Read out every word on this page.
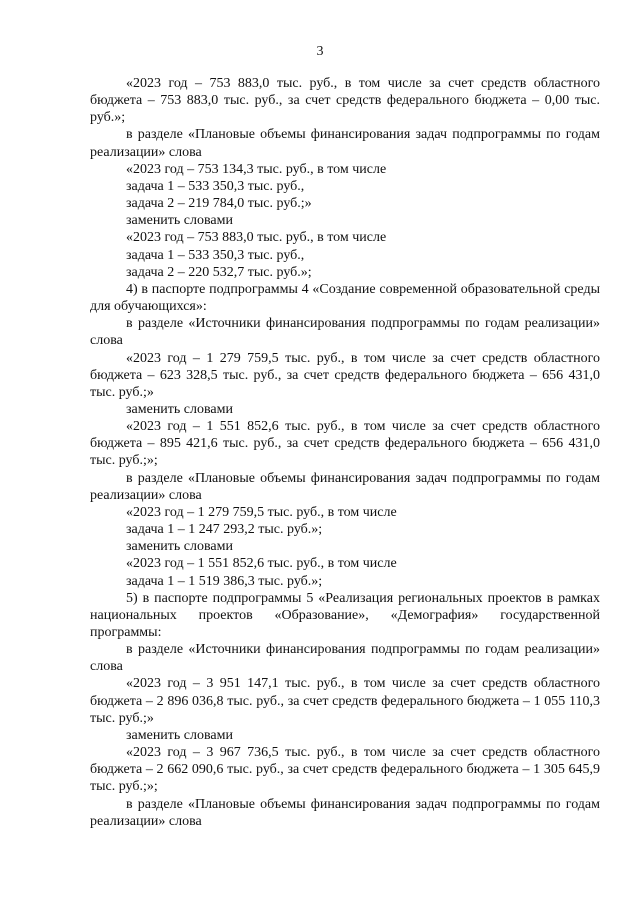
3

«2023 год – 753 883,0 тыс. руб., в том числе за счет средств областного бюджета – 753 883,0 тыс. руб., за счет средств федерального бюджета – 0,00 тыс. руб.»;

в разделе «Плановые объемы финансирования задач подпрограммы по годам реализации» слова

«2023 год – 753 134,3 тыс. руб., в том числе

задача 1 – 533 350,3 тыс. руб.,

задача 2 – 219 784,0 тыс. руб.;»

заменить словами

«2023 год – 753 883,0 тыс. руб., в том числе

задача 1 – 533 350,3 тыс. руб.,

задача 2 – 220 532,7 тыс. руб.»;

4) в паспорте подпрограммы 4 «Создание современной образовательной среды для обучающихся»:

в разделе «Источники финансирования подпрограммы по годам реализации» слова

«2023 год – 1 279 759,5 тыс. руб., в том числе за счет средств областного бюджета – 623 328,5 тыс. руб., за счет средств федерального бюджета – 656 431,0 тыс. руб.;»

заменить словами

«2023 год – 1 551 852,6 тыс. руб., в том числе за счет средств областного бюджета – 895 421,6 тыс. руб., за счет средств федерального бюджета – 656 431,0 тыс. руб.;»;

в разделе «Плановые объемы финансирования задач подпрограммы по годам реализации» слова

«2023 год – 1 279 759,5 тыс. руб., в том числе

задача 1 – 1 247 293,2 тыс. руб.»;

заменить словами

«2023 год – 1 551 852,6 тыс. руб., в том числе

задача 1 – 1 519 386,3 тыс. руб.»;

5) в паспорте подпрограммы 5 «Реализация региональных проектов в рамках национальных проектов «Образование», «Демография» государственной программы:

в разделе «Источники финансирования подпрограммы по годам реализации» слова

«2023 год – 3 951 147,1 тыс. руб., в том числе за счет средств областного бюджета – 2 896 036,8 тыс. руб., за счет средств федерального бюджета – 1 055 110,3 тыс. руб.;»

заменить словами

«2023 год – 3 967 736,5 тыс. руб., в том числе за счет средств областного бюджета – 2 662 090,6 тыс. руб., за счет средств федерального бюджета – 1 305 645,9 тыс. руб.;»;

в разделе «Плановые объемы финансирования задач подпрограммы по годам реализации» слова
